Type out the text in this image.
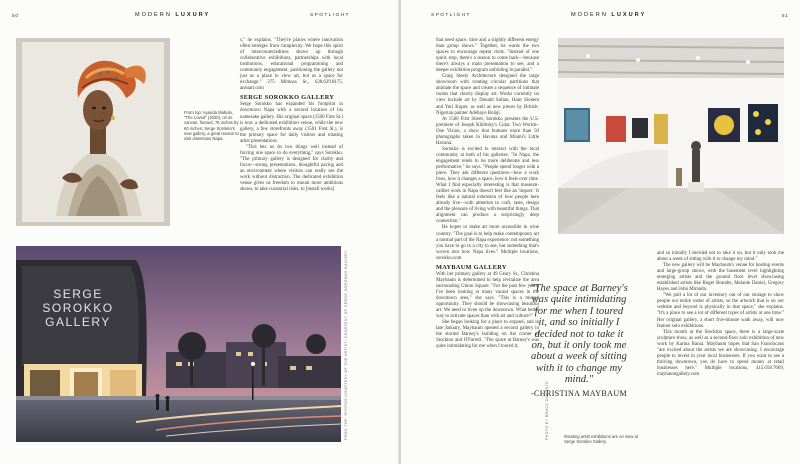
50	MODERN LUXURY	SPOTLIGHT
From top: Ayanda Mabulu, "The Loved" (2020), oil on canvas, framed, 75 inches by 60 inches; Serge Sorokko's new gallery, a great reason to visit downtown Napa.

s," he explains. "They're places where innovation often emerges from complexity. We hope this spirit of interconnectedness shows up through collaborative exhibitions, partnerships with local institutions, educational programming and community engagement, positioning the gallery not just as a place to view art, but as a space for exchange." 275 Mimosa St., 628.629.8175, ansuart.com

SERGE SOROKKO GALLERY

Serge Sorokko has expanded his footprint in downtown Napa with a second location of his namesake gallery. His original space (1500 First St.) is now a dedicated exhibition venue, while the new gallery, a few storefronts away (1501 First St.), is the primary space for daily visitors and rotating artist presentations.

"This lets us do two things well instead of forcing one space to do everything," says Sorokko. "The primary gallery is designed for clarity and focus—strong presentations, thoughtful pacing and an environment where visitors can really see the work without distraction. The dedicated exhibition venue gives us freedom to mount more ambitious shows, to take curatorial risks, to [install works]

SERGE
SOROKKO
GALLERY	FROM TOP: PHOTOS COURTESY OF THE ARTIST; COURTESY OF SERGE SOROKKO GALLERY
SPOTLIGHT	MODERN LUXURY	51

that need space, time and a slightly different energy than group shows." Together, he wants the two spaces to encourage repeat visits. "Instead of one quick stop, there's a reason to come back—because there's always a main presentation to see, and a deeper exhibition program unfolding in parallel."

Craig Steely Architecture designed the large showroom with rotating circular partitions that animate the space and create a sequence of intimate rooms that clearly display art. Works currently on view include art by Donald Sultan, Hunt Slonem and Yuri Kuper, as well as new pieces by British-Nigerian painter Adebayo Bolaji.

At 1500 First Street, Sorokko presents the U.S. premiere of Joseph Kiblitsky's Cuba: Two Worlds–One Vision, a show that features more than 50 photographs taken in Havana and Miami's Little Havana.

Sorokko is excited to interact with the local community at both of his galleries. "In Napa, the engagement tends to be more deliberate and less performative," he says. "People spend longer with a piece. They ask different questions—how a work lives, how it changes a space, how it feels over time. What I find especially interesting is that museum-caliber work in Napa doesn't feel like an 'import.' It feels like a natural extension of how people here already live—with attention to craft, taste, design and the pleasure of living with beautiful things. That alignment can produce a surprisingly deep connection."

He hopes to make art more accessible in wine country. "The goal is to help make contemporary art a normal part of the Napa experience: not something you have to go to a city to see, but something that's woven into how Napa lives." Multiple locations, sorokko.com

MAYBAUM GALLERY

With her primary gallery at 49 Geary St., Christina Maybaum is determined to help revitalize the area surrounding Union Square. "For the past few years, I've been looking at many vacant spaces in the downtown area," she says. "This is a missed opportunity. They should be showcasing beautiful art. We need to liven up the downtown. What better way to activate spaces than with art and culture?"

She began looking for a place to expand, and in late January, Maybaum opened a second gallery in the storied Barney's building on the corner of Stockton and O'Farrell. "The space at Barney's was quite intimidating for me when I toured it,

PHOTO BY BRUCE DAMONTE

and so initially I decided not to take it on, but it only took me about a week of sitting with it to change my mind."

The new gallery will be Maybaum's venue for hosting events and large-group shows, with the basement level highlighting emerging artists and the ground floor level showcasing established artists like Roger Brandts, Melanie Daniel, Gregory Hayes and John Miranda.

"We pull a lot of our inventory out of our storage to show people our entire roster of artists, so the artwork that is on our website and beyond is physically in that space," she explains. "It's a place to see a lot of different types of artists at one time." Her original gallery, a short five-minute walk away, will now feature solo exhibitions.

This month at the Stockton space, there is a large-scale sculpture show, as well as a second-floor solo exhibition of new work by Karina Bania. Maybaum hopes that San Franciscans "are excited about the artists we are showcasing. I encourage people to invest in your local businesses. If you want to see a thriving downtown, you do have to spend money at retail businesses here." Multiple locations, 415.658.7669, maybaumgallery.com

Rotating artist exhibitions are on view at Serge Sorokko Gallery.
"The space at Barney's was quite intimidating for me when I toured it, and so initially I decided not to take it on, but it only took me about a week of sitting with it to change my mind."
-CHRISTINA MAYBAUM
